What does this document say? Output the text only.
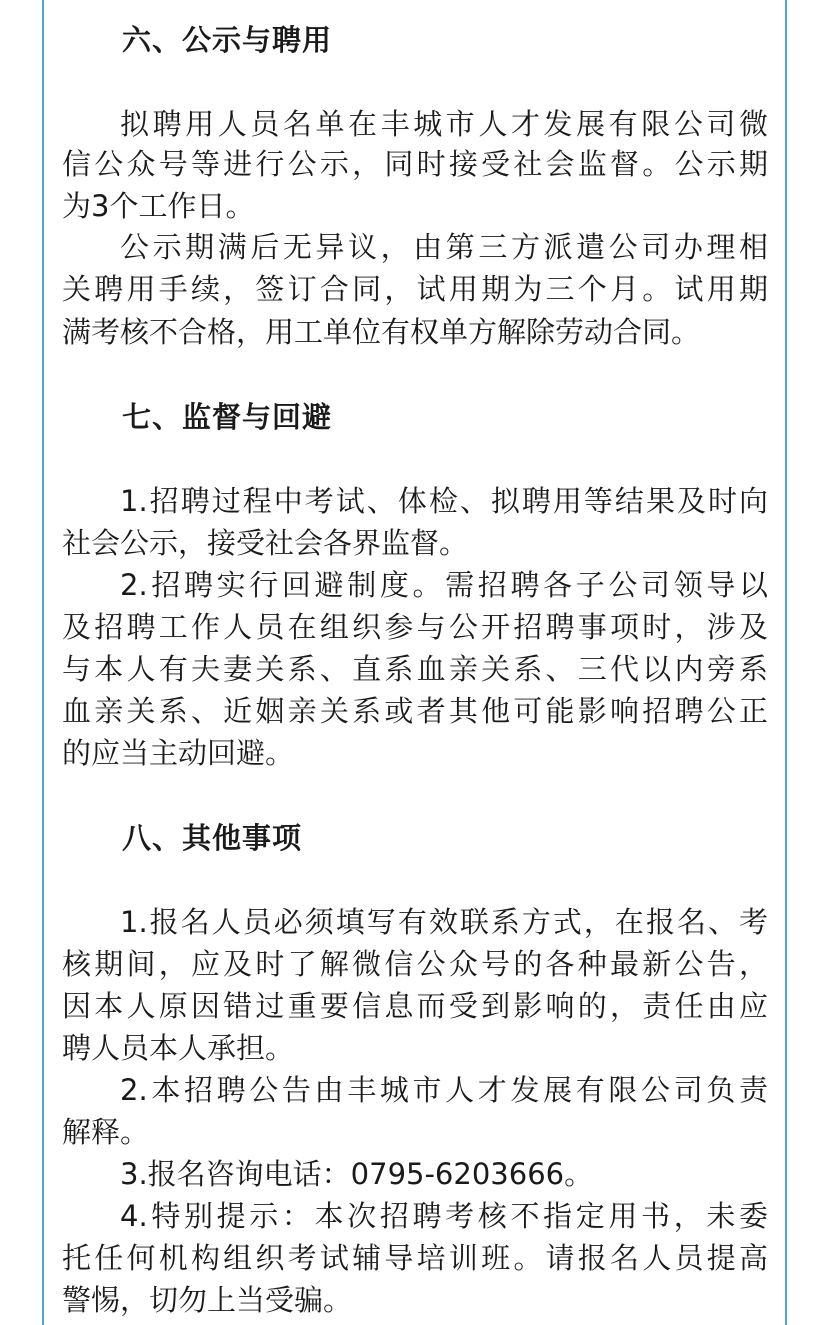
六、公示与聘用
拟聘用人员名单在丰城市人才发展有限公司微
信公众号等进行公示，同时接受社会监督。公示期
为3个工作日。
公示期满后无异议，由第三方派遣公司办理相
关聘用手续，签订合同，试用期为三个月。试用期
满考核不合格，用工单位有权单方解除劳动合同。
七、监督与回避
1.招聘过程中考试、体检、拟聘用等结果及时向
社会公示，接受社会各界监督。
2.招聘实行回避制度。需招聘各子公司领导以
及招聘工作人员在组织参与公开招聘事项时，涉及
与本人有夫妻关系、直系血亲关系、三代以内旁系
血亲关系、近姻亲关系或者其他可能影响招聘公正
的应当主动回避。
八、其他事项
1.报名人员必须填写有效联系方式，在报名、考
核期间，应及时了解微信公众号的各种最新公告，
因本人原因错过重要信息而受到影响的，责任由应
聘人员本人承担。
2.本招聘公告由丰城市人才发展有限公司负责
解释。
3.报名咨询电话：0795-6203666。
4.特别提示：本次招聘考核不指定用书，未委
托任何机构组织考试辅导培训班。请报名人员提高
警惕，切勿上当受骗。
